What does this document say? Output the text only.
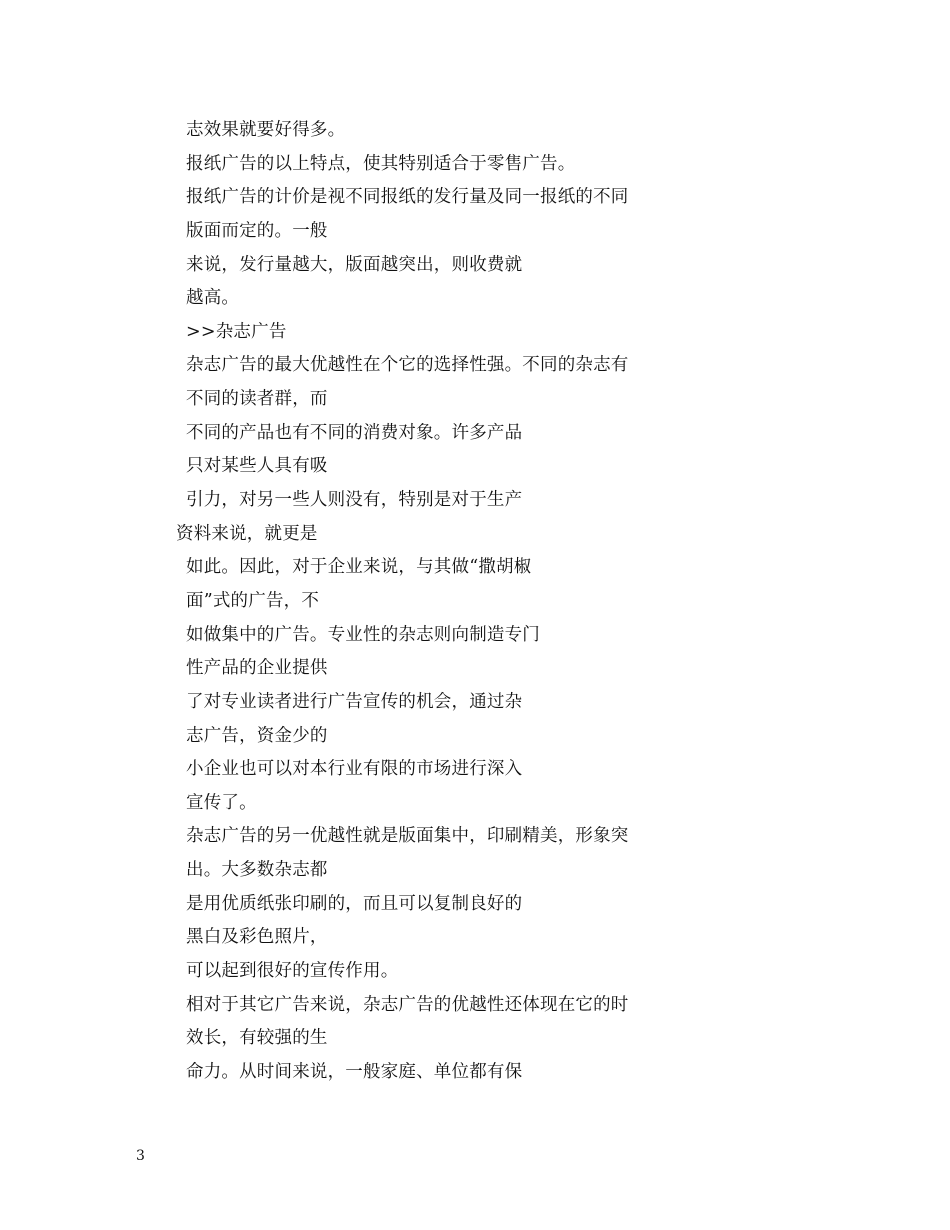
志效果就要好得多。
报纸广告的以上特点，使其特别适合于零售广告。
报纸广告的计价是视不同报纸的发行量及同一报纸的不同
版面而定的。一般
来说，发行量越大，版面越突出，则收费就
越高。
>>杂志广告
杂志广告的最大优越性在个它的选择性强。不同的杂志有
不同的读者群，而
不同的产品也有不同的消费对象。许多产品
只对某些人具有吸
引力，对另一些人则没有，特别是对于生产
资料来说，就更是
如此。因此，对于企业来说，与其做“撒胡椒
面”式的广告，不
如做集中的广告。专业性的杂志则向制造专门
性产品的企业提供
了对专业读者进行广告宣传的机会，通过杂
志广告，资金少的
小企业也可以对本行业有限的市场进行深入
宣传了。
杂志广告的另一优越性就是版面集中，印刷精美，形象突
出。大多数杂志都
是用优质纸张印刷的，而且可以复制良好的
黑白及彩色照片，
可以起到很好的宣传作用。
相对于其它广告来说，杂志广告的优越性还体现在它的时
效长，有较强的生
命力。从时间来说，一般家庭、单位都有保
3
